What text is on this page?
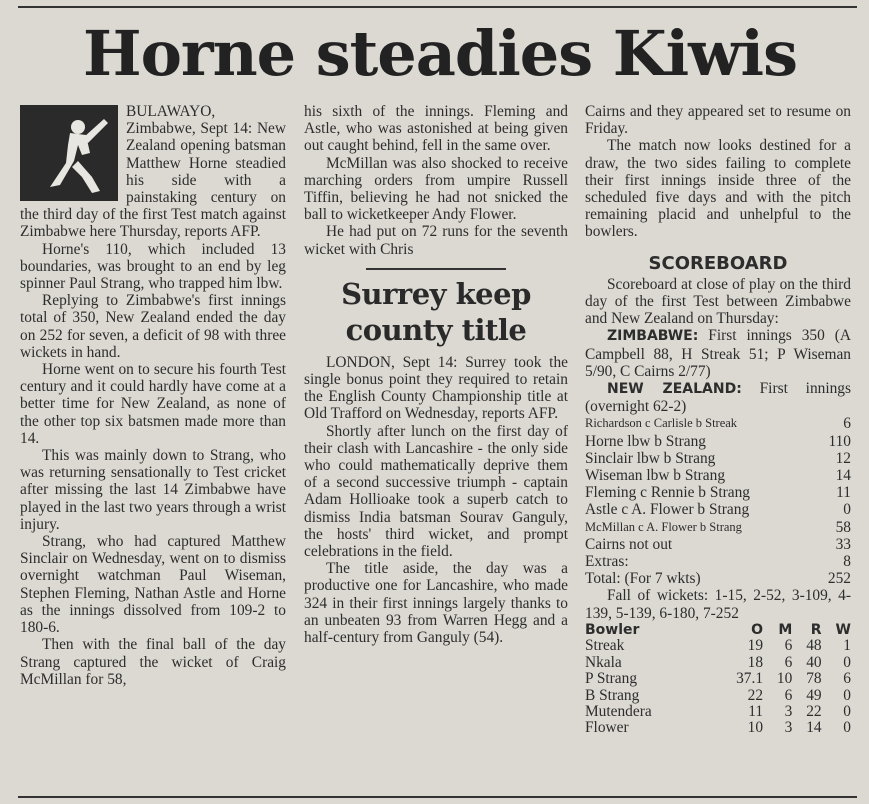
Horne steadies Kiwis

BULAWAYO, Zimbabwe, Sept 14: New Zealand opening batsman Matthew Horne steadied his side with a painstaking century on the third day of the first Test match against Zimbabwe here Thursday, reports AFP.

Horne's 110, which included 13 boundaries, was brought to an end by leg spinner Paul Strang, who trapped him lbw.

Replying to Zimbabwe's first innings total of 350, New Zealand ended the day on 252 for seven, a deficit of 98 with three wickets in hand.

Horne went on to secure his fourth Test century and it could hardly have come at a better time for New Zealand, as none of the other top six batsmen made more than 14.

This was mainly down to Strang, who was returning sensationally to Test cricket after missing the last 14 Zimbabwe have played in the last two years through a wrist injury.

Strang, who had captured Matthew Sinclair on Wednesday, went on to dismiss overnight watchman Paul Wiseman, Stephen Fleming, Nathan Astle and Horne as the innings dissolved from 109-2 to 180-6.

Then with the final ball of the day Strang captured the wicket of Craig McMillan for 58,

his sixth of the innings. Fleming and Astle, who was astonished at being given out caught behind, fell in the same over.

McMillan was also shocked to receive marching orders from umpire Russell Tiffin, believing he had not snicked the ball to wicketkeeper Andy Flower.

He had put on 72 runs for the seventh wicket with Chris

Surrey keep county title

LONDON, Sept 14: Surrey took the single bonus point they required to retain the English County Championship title at Old Trafford on Wednesday, reports AFP.

Shortly after lunch on the first day of their clash with Lancashire - the only side who could mathematically deprive them of a second successive triumph - captain Adam Hollioake took a superb catch to dismiss India batsman Sourav Ganguly, the hosts' third wicket, and prompt celebrations in the field.

The title aside, the day was a productive one for Lancashire, who made 324 in their first innings largely thanks to an unbeaten 93 from Warren Hegg and a half-century from Ganguly (54).

Cairns and they appeared set to resume on Friday.

The match now looks destined for a draw, the two sides failing to complete their first innings inside three of the scheduled five days and with the pitch remaining placid and unhelpful to the bowlers.

SCOREBOARD

Scoreboard at close of play on the third day of the first Test between Zimbabwe and New Zealand on Thursday:

ZIMBABWE: First innings 350 (A Campbell 88, H Streak 51; P Wiseman 5/90, C Cairns 2/77)

NEW ZEALAND: First innings (overnight 62-2)

Richardson c Carlisle b Streak	6
Horne lbw b Strang	110
Sinclair lbw b Strang	12
Wiseman lbw b Strang	14
Fleming c Rennie b Strang	11
Astle c A. Flower b Strang	0
McMillan c A. Flower b Strang	58
Cairns not out	33
Extras:	8
Total: (For 7 wkts)	252
Fall of wickets: 1-15, 2-52, 3-109, 4-139, 5-139, 6-180, 7-252
Bowler	O	M	R	W
Streak	19	6	48	1
Nkala	18	6	40	0
P Strang	37.1	10	78	6
B Strang	22	6	49	0
Mutendera	11	3	22	0
Flower	10	3	14	0
